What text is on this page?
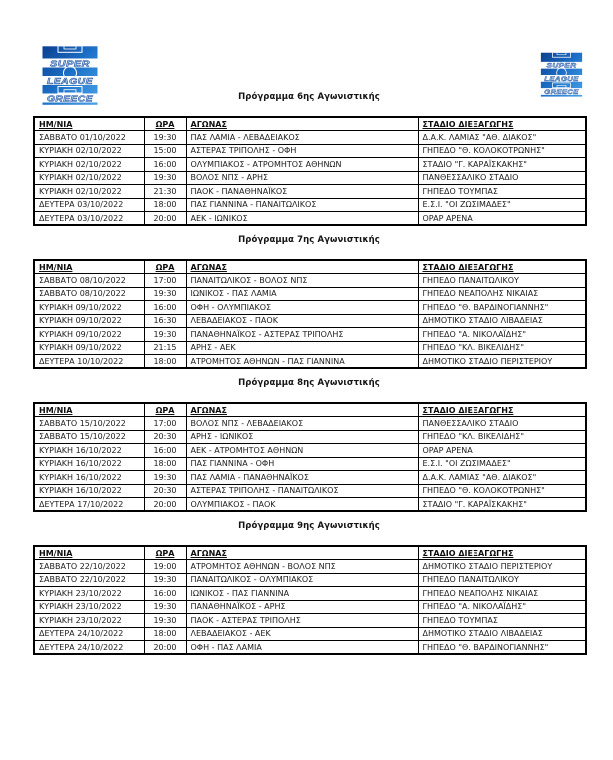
SUPER
LEAGUE
GREECE
SUPER
LEAGUE
GREECE
Πρόγραμμα 6ης Αγωνιστικής
ΗΜ/ΝΙΑ	ΩΡΑ	ΑΓΩΝΑΣ	ΣΤΑΔΙΟ ΔΙΕΞΑΓΩΓΗΣ
ΣΑΒΒΑΤΟ 01/10/2022	19:30	ΠΑΣ ΛΑΜΙΑ - ΛΕΒΑΔΕΙΑΚΟΣ	Δ.Α.Κ. ΛΑΜΙΑΣ "ΑΘ. ΔΙΑΚΟΣ"
ΚΥΡΙΑΚΗ 02/10/2022	15:00	ΑΣΤΕΡΑΣ ΤΡΙΠΟΛΗΣ - ΟΦΗ	ΓΗΠΕΔΟ "Θ. ΚΟΛΟΚΟΤΡΩΝΗΣ"
ΚΥΡΙΑΚΗ 02/10/2022	16:00	ΟΛΥΜΠΙΑΚΟΣ - ΑΤΡΟΜΗΤΟΣ ΑΘΗΝΩΝ	ΣΤΑΔΙΟ "Γ. ΚΑΡΑΪΣΚΑΚΗΣ"
ΚΥΡΙΑΚΗ 02/10/2022	19:30	ΒΟΛΟΣ ΝΠΣ - ΑΡΗΣ	ΠΑΝΘΕΣΣΑΛΙΚΟ ΣΤΑΔΙΟ
ΚΥΡΙΑΚΗ 02/10/2022	21:30	ΠΑΟΚ - ΠΑΝΑΘΗΝΑΪΚΟΣ	ΓΗΠΕΔΟ ΤΟΥΜΠΑΣ
ΔΕΥΤΕΡΑ 03/10/2022	18:00	ΠΑΣ ΓΙΑΝΝΙΝΑ - ΠΑΝΑΙΤΩΛΙΚΟΣ	Ε.Σ.Ι. "ΟΙ ΖΩΣΙΜΑΔΕΣ"
ΔΕΥΤΕΡΑ 03/10/2022	20:00	ΑΕΚ - ΙΩΝΙΚΟΣ	OPAP ΑΡΕΝΑ
Πρόγραμμα 7ης Αγωνιστικής
ΗΜ/ΝΙΑ	ΩΡΑ	ΑΓΩΝΑΣ	ΣΤΑΔΙΟ ΔΙΕΞΑΓΩΓΗΣ
ΣΑΒΒΑΤΟ 08/10/2022	17:00	ΠΑΝΑΙΤΩΛΙΚΟΣ - ΒΟΛΟΣ ΝΠΣ	ΓΗΠΕΔΟ ΠΑΝΑΙΤΩΛΙΚΟΥ
ΣΑΒΒΑΤΟ 08/10/2022	19:30	ΙΩΝΙΚΟΣ - ΠΑΣ ΛΑΜΙΑ	ΓΗΠΕΔΟ ΝΕΑΠΟΛΗΣ ΝΙΚΑΙΑΣ
ΚΥΡΙΑΚΗ 09/10/2022	16:00	ΟΦΗ - ΟΛΥΜΠΙΑΚΟΣ	ΓΗΠΕΔΟ "Θ. ΒΑΡΔΙΝΟΓΙΑΝΝΗΣ"
ΚΥΡΙΑΚΗ 09/10/2022	16:30	ΛΕΒΑΔΕΙΑΚΟΣ - ΠΑΟΚ	ΔΗΜΟΤΙΚΟ ΣΤΑΔΙΟ ΛΙΒΑΔΕΙΑΣ
ΚΥΡΙΑΚΗ 09/10/2022	19:30	ΠΑΝΑΘΗΝΑΪΚΟΣ - ΑΣΤΕΡΑΣ ΤΡΙΠΟΛΗΣ	ΓΗΠΕΔΟ "Α. ΝΙΚΟΛΑΪΔΗΣ"
ΚΥΡΙΑΚΗ 09/10/2022	21:15	ΑΡΗΣ - ΑΕΚ	ΓΗΠΕΔΟ "ΚΛ. ΒΙΚΕΛΙΔΗΣ"
ΔΕΥΤΕΡΑ 10/10/2022	18:00	ΑΤΡΟΜΗΤΟΣ ΑΘΗΝΩΝ - ΠΑΣ ΓΙΑΝΝΙΝΑ	ΔΗΜΟΤΙΚΟ ΣΤΑΔΙΟ ΠΕΡΙΣΤΕΡΙΟΥ
Πρόγραμμα 8ης Αγωνιστικής
ΗΜ/ΝΙΑ	ΩΡΑ	ΑΓΩΝΑΣ	ΣΤΑΔΙΟ ΔΙΕΞΑΓΩΓΗΣ
ΣΑΒΒΑΤΟ 15/10/2022	17:00	ΒΟΛΟΣ ΝΠΣ - ΛΕΒΑΔΕΙΑΚΟΣ	ΠΑΝΘΕΣΣΑΛΙΚΟ ΣΤΑΔΙΟ
ΣΑΒΒΑΤΟ 15/10/2022	20:30	ΑΡΗΣ - ΙΩΝΙΚΟΣ	ΓΗΠΕΔΟ "ΚΛ. ΒΙΚΕΛΙΔΗΣ"
ΚΥΡΙΑΚΗ 16/10/2022	16:00	ΑΕΚ - ΑΤΡΟΜΗΤΟΣ ΑΘΗΝΩΝ	OPAP ΑΡΕΝΑ
ΚΥΡΙΑΚΗ 16/10/2022	18:00	ΠΑΣ ΓΙΑΝΝΙΝΑ - ΟΦΗ	Ε.Σ.Ι. "ΟΙ ΖΩΣΙΜΑΔΕΣ"
ΚΥΡΙΑΚΗ 16/10/2022	19:30	ΠΑΣ ΛΑΜΙΑ - ΠΑΝΑΘΗΝΑΪΚΟΣ	Δ.Α.Κ. ΛΑΜΙΑΣ "ΑΘ. ΔΙΑΚΟΣ"
ΚΥΡΙΑΚΗ 16/10/2022	20:30	ΑΣΤΕΡΑΣ ΤΡΙΠΟΛΗΣ - ΠΑΝΑΙΤΩΛΙΚΟΣ	ΓΗΠΕΔΟ "Θ. ΚΟΛΟΚΟΤΡΩΝΗΣ"
ΔΕΥΤΕΡΑ 17/10/2022	20:00	ΟΛΥΜΠΙΑΚΟΣ - ΠΑΟΚ	ΣΤΑΔΙΟ "Γ. ΚΑΡΑΪΣΚΑΚΗΣ"
Πρόγραμμα 9ης Αγωνιστικής
ΗΜ/ΝΙΑ	ΩΡΑ	ΑΓΩΝΑΣ	ΣΤΑΔΙΟ ΔΙΕΞΑΓΩΓΗΣ
ΣΑΒΒΑΤΟ 22/10/2022	19:00	ΑΤΡΟΜΗΤΟΣ ΑΘΗΝΩΝ - ΒΟΛΟΣ ΝΠΣ	ΔΗΜΟΤΙΚΟ ΣΤΑΔΙΟ ΠΕΡΙΣΤΕΡΙΟΥ
ΣΑΒΒΑΤΟ 22/10/2022	19:30	ΠΑΝΑΙΤΩΛΙΚΟΣ - ΟΛΥΜΠΙΑΚΟΣ	ΓΗΠΕΔΟ ΠΑΝΑΙΤΩΛΙΚΟΥ
ΚΥΡΙΑΚΗ 23/10/2022	16:00	ΙΩΝΙΚΟΣ - ΠΑΣ ΓΙΑΝΝΙΝΑ	ΓΗΠΕΔΟ ΝΕΑΠΟΛΗΣ ΝΙΚΑΙΑΣ
ΚΥΡΙΑΚΗ 23/10/2022	19:30	ΠΑΝΑΘΗΝΑΪΚΟΣ - ΑΡΗΣ	ΓΗΠΕΔΟ "Α. ΝΙΚΟΛΑΪΔΗΣ"
ΚΥΡΙΑΚΗ 23/10/2022	19:30	ΠΑΟΚ - ΑΣΤΕΡΑΣ ΤΡΙΠΟΛΗΣ	ΓΗΠΕΔΟ ΤΟΥΜΠΑΣ
ΔΕΥΤΕΡΑ 24/10/2022	18:00	ΛΕΒΑΔΕΙΑΚΟΣ - ΑΕΚ	ΔΗΜΟΤΙΚΟ ΣΤΑΔΙΟ ΛΙΒΑΔΕΙΑΣ
ΔΕΥΤΕΡΑ 24/10/2022	20:00	ΟΦΗ - ΠΑΣ ΛΑΜΙΑ	ΓΗΠΕΔΟ "Θ. ΒΑΡΔΙΝΟΓΙΑΝΝΗΣ"
